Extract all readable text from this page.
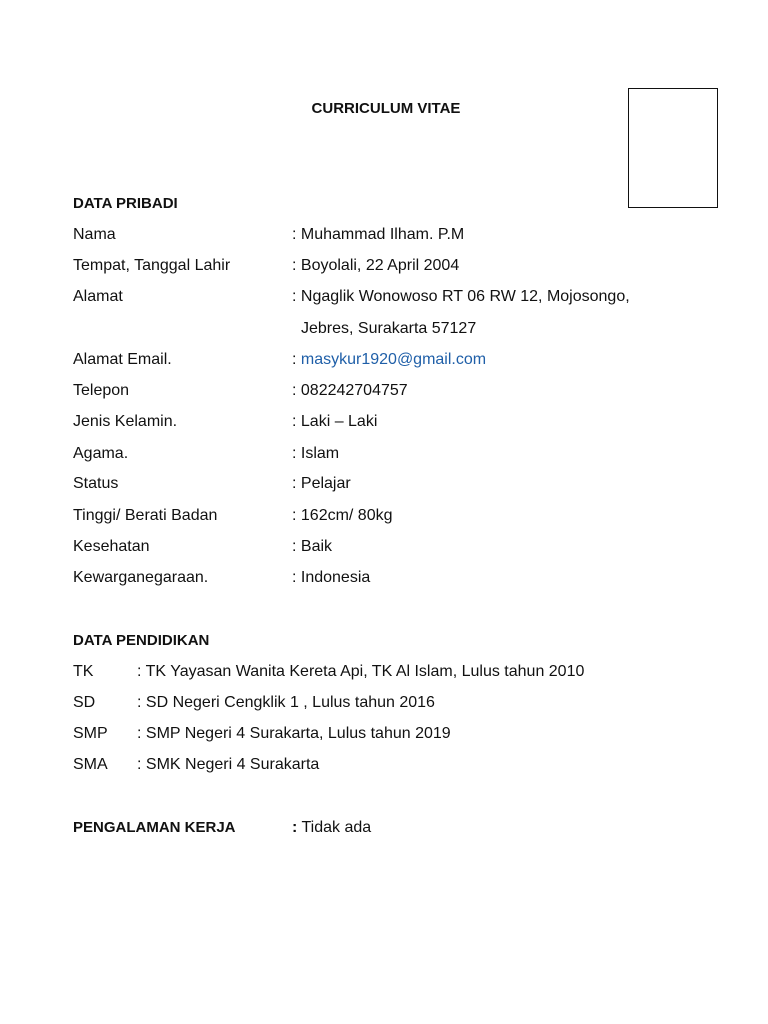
CURRICULUM VITAE
DATA PRIBADI
Nama	: Muhammad Ilham. P.M
Tempat, Tanggal Lahir	: Boyolali, 22 April 2004
Alamat	: Ngaglik Wonowoso RT 06 RW 12, Mojosongo,
Jebres, Surakarta 57127
Alamat Email.	: masykur1920@gmail.com
Telepon	: 082242704757
Jenis Kelamin.	: Laki – Laki
Agama.	: Islam
Status	: Pelajar
Tinggi/ Berati Badan	: 162cm/ 80kg
Kesehatan	: Baik
Kewarganegaraan.	: Indonesia
DATA PENDIDIKAN
TK	: TK Yayasan Wanita Kereta Api, TK Al Islam, Lulus tahun 2010
SD	: SD Negeri Cengklik 1 , Lulus tahun 2016
SMP : SMP Negeri 4 Surakarta, Lulus tahun 2019
SMA : SMK Negeri 4 Surakarta
PENGALAMAN KERJA	: Tidak ada
